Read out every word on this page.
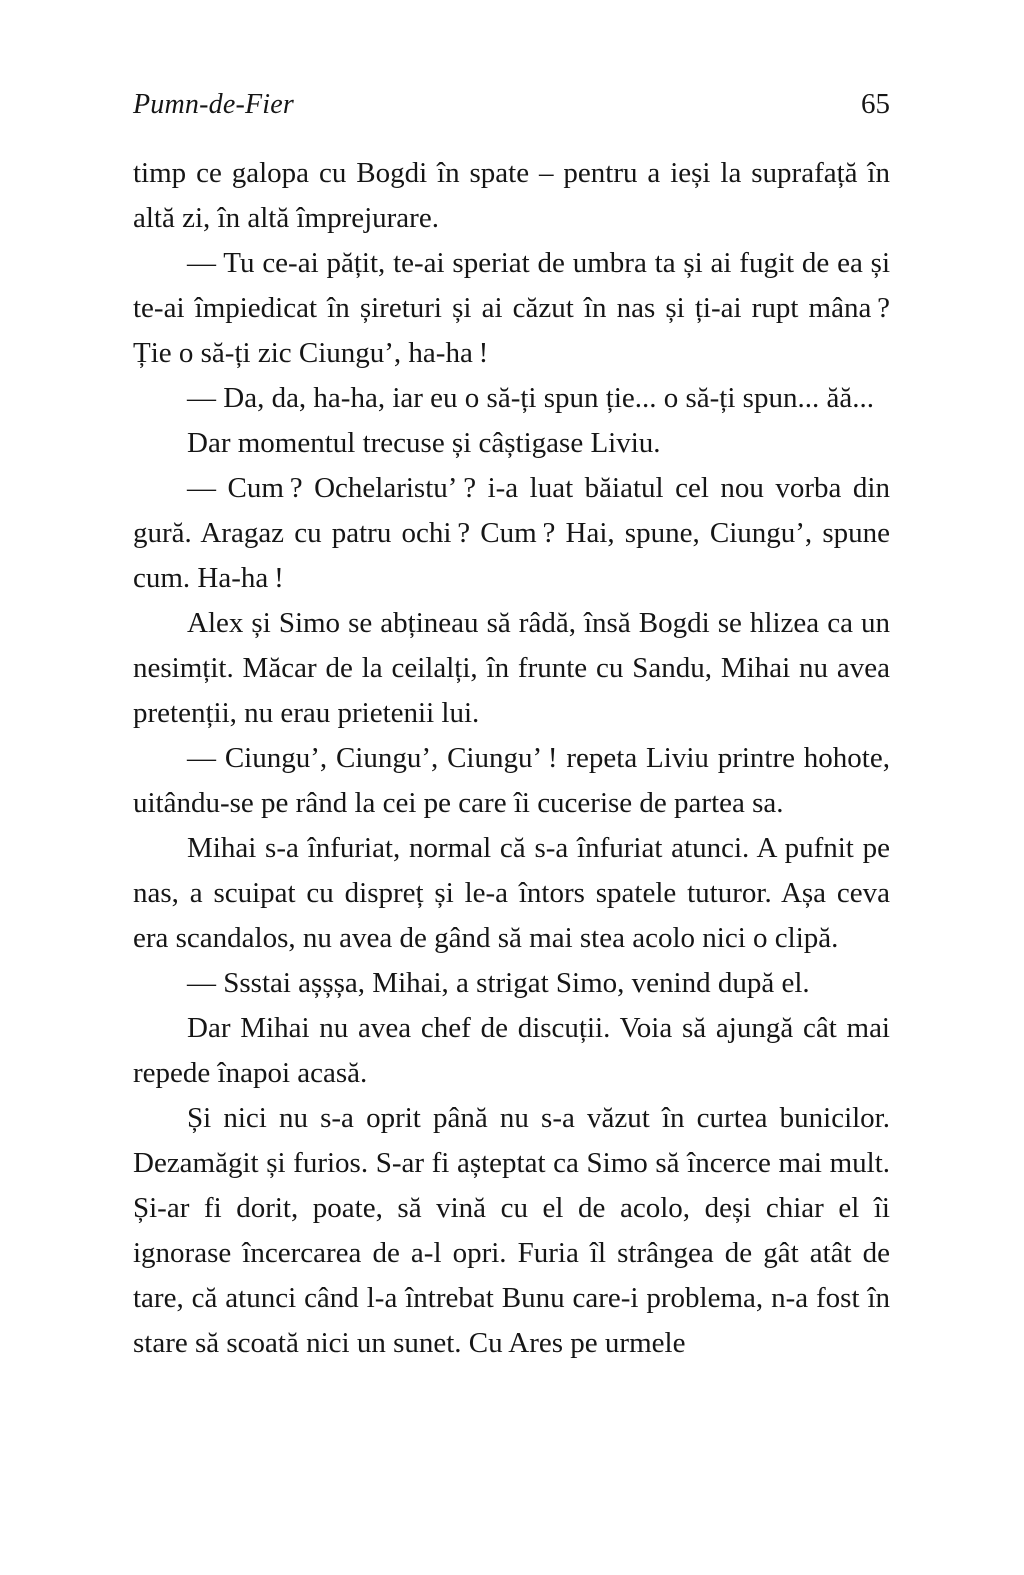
Pumn-de-Fier	65

timp ce galopa cu Bogdi în spate – pentru a ieși la suprafață în altă zi, în altă împrejurare.

— Tu ce-ai pățit, te-ai speriat de umbra ta și ai fugit de ea și te-ai împiedicat în șireturi și ai căzut în nas și ți-ai rupt mâna ? Ție o să-ți zic Ciungu’, ha-ha !

— Da, da, ha-ha, iar eu o să-ți spun ție... o să-ți spun... ăă...

Dar momentul trecuse și câștigase Liviu.

— Cum ? Ochelaristu’ ? i-a luat băiatul cel nou vorba din gură. Aragaz cu patru ochi ? Cum ? Hai, spune, Ciungu’, spune cum. Ha-ha !

Alex și Simo se abțineau să râdă, însă Bogdi se hlizea ca un nesimțit. Măcar de la ceilalți, în frunte cu Sandu, Mihai nu avea pretenții, nu erau prietenii lui.

— Ciungu’, Ciungu’, Ciungu’ ! repeta Liviu printre hohote, uitându-se pe rând la cei pe care îi cucerise de partea sa.

Mihai s-a înfuriat, normal că s-a înfuriat atunci. A pufnit pe nas, a scuipat cu dispreț și le-a întors spatele tuturor. Așa ceva era scandalos, nu avea de gând să mai stea acolo nici o clipă.

— Ssstai așșșa, Mihai, a strigat Simo, venind după el.

Dar Mihai nu avea chef de discuții. Voia să ajungă cât mai repede înapoi acasă.

Și nici nu s-a oprit până nu s-a văzut în curtea bunicilor. Dezamăgit și furios. S-ar fi așteptat ca Simo să încerce mai mult. Și-ar fi dorit, poate, să vină cu el de acolo, deși chiar el îi ignorase încercarea de a-l opri. Furia îl strângea de gât atât de tare, că atunci când l-a întrebat Bunu care-i problema, n-a fost în stare să scoată nici un sunet. Cu Ares pe urmele
